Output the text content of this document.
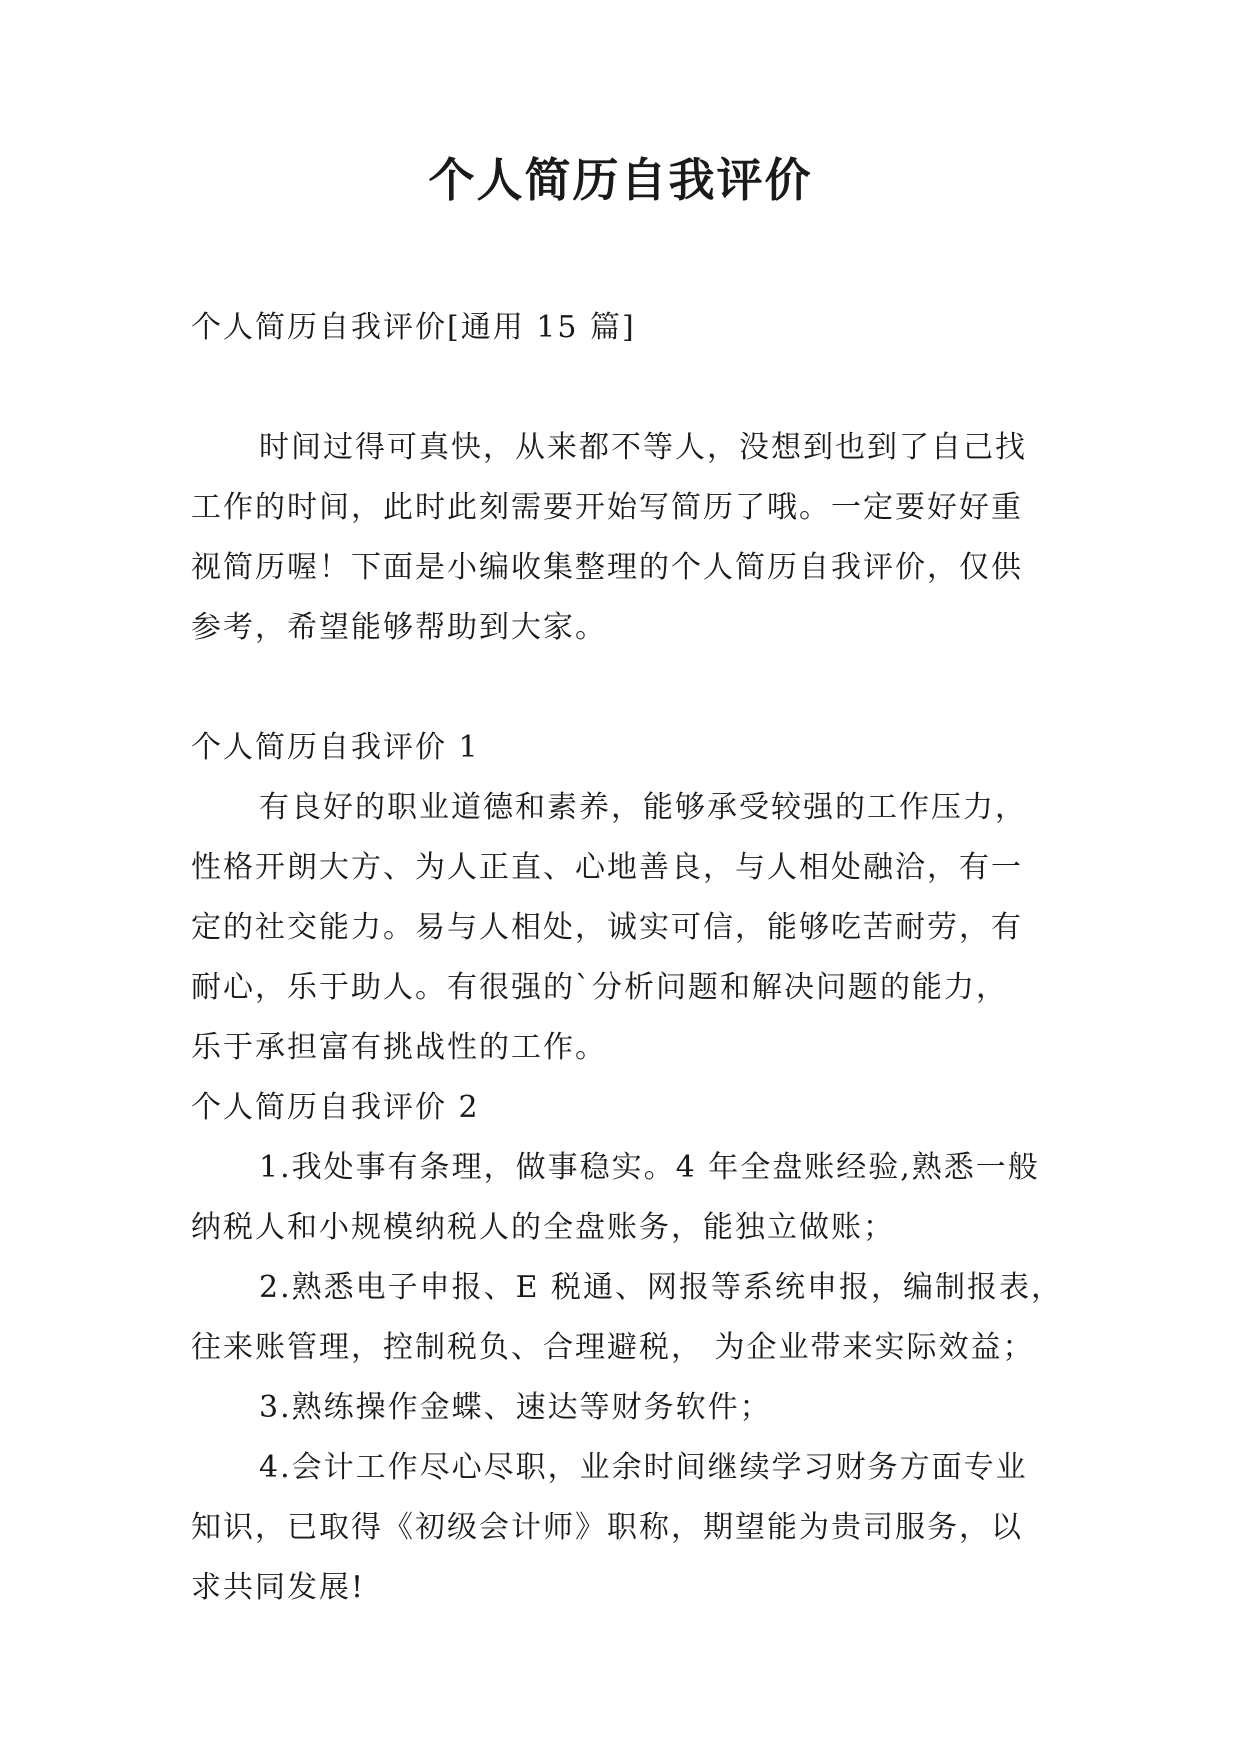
个人简历自我评价
个人简历自我评价[通用 15 篇]
时间过得可真快，从来都不等人，没想到也到了自己找
工作的时间，此时此刻需要开始写简历了哦。一定要好好重
视简历喔！下面是小编收集整理的个人简历自我评价，仅供
参考，希望能够帮助到大家。
个人简历自我评价 1
有良好的职业道德和素养，能够承受较强的工作压力，
性格开朗大方、为人正直、心地善良，与人相处融洽，有一
定的社交能力。易与人相处，诚实可信，能够吃苦耐劳，有
耐心，乐于助人。有很强的`分析问题和解决问题的能力，
乐于承担富有挑战性的工作。
个人简历自我评价 2
1.我处事有条理，做事稳实。4 年全盘账经验,熟悉一般
纳税人和小规模纳税人的全盘账务，能独立做账；
2.熟悉电子申报、E 税通、网报等系统申报，编制报表，
往来账管理，控制税负、合理避税， 为企业带来实际效益；
3.熟练操作金蝶、速达等财务软件；
4.会计工作尽心尽职，业余时间继续学习财务方面专业
知识，已取得《初级会计师》职称，期望能为贵司服务，以
求共同发展!
